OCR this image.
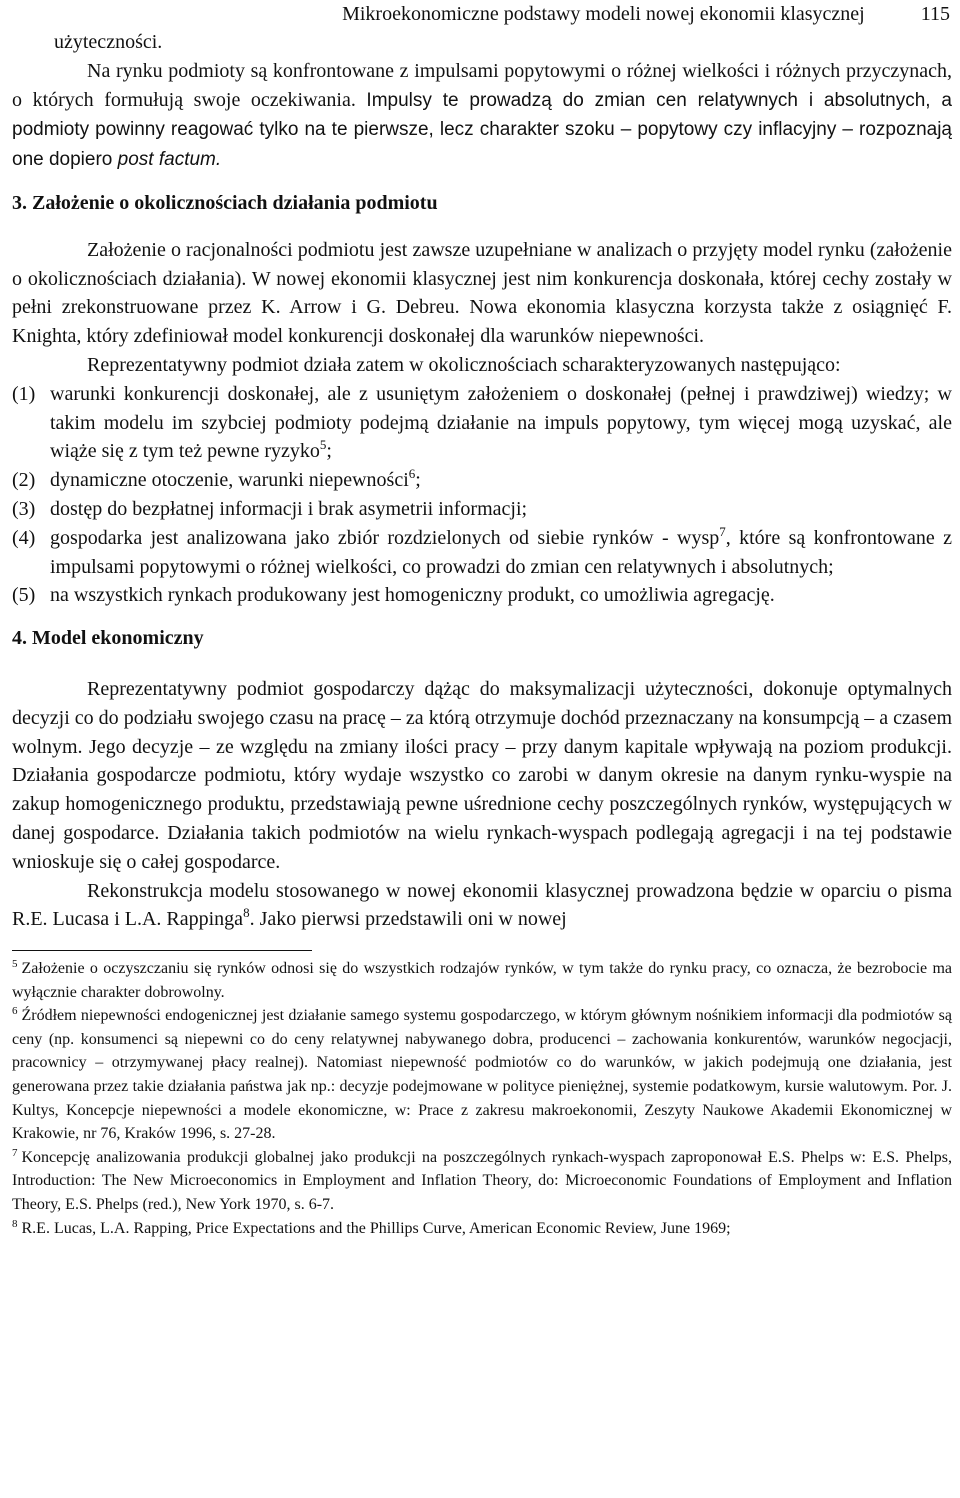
Mikroekonomiczne podstawy modeli nowej ekonomii klasycznej	115

użyteczności.

Na rynku podmioty są konfrontowane z impulsami popytowymi o różnej wielkości i różnych przyczynach, o których formułują swoje oczekiwania. Impulsy te prowadzą do zmian cen relatywnych i absolutnych, a podmioty powinny reagować tylko na te pierwsze, lecz charakter szoku – popytowy czy inflacyjny – rozpoznają one dopiero post factum.

3. Założenie o okolicznościach działania podmiotu

Założenie o racjonalności podmiotu jest zawsze uzupełniane w analizach o przyjęty model rynku (założenie o okolicznościach działania). W nowej ekonomii klasycznej jest nim konkurencja doskonała, której cechy zostały w pełni zrekonstruowane przez K. Arrow i G. Debreu. Nowa ekonomia klasyczna korzysta także z osiągnięć F. Knighta, który zdefiniował model konkurencji doskonałej dla warunków niepewności.

Reprezentatywny podmiot działa zatem w okolicznościach scharakteryzowanych następująco:

(1) warunki konkurencji doskonałej, ale z usuniętym założeniem o doskonałej (pełnej i prawdziwej) wiedzy; w takim modelu im szybciej podmioty podejmą działanie na impuls popytowy, tym więcej mogą uzyskać, ale wiąże się z tym też pewne ryzyko$^5$;
(2) dynamiczne otoczenie, warunki niepewności$^6$;
(3) dostęp do bezpłatnej informacji i brak asymetrii informacji;
(4) gospodarka jest analizowana jako zbiór rozdzielonych od siebie rynków - wysp$^7$, które są konfrontowane z impulsami popytowymi o różnej wielkości, co prowadzi do zmian cen relatywnych i absolutnych;
(5) na wszystkich rynkach produkowany jest homogeniczny produkt, co umożliwia agregację.

4. Model ekonomiczny

Reprezentatywny podmiot gospodarczy dążąc do maksymalizacji użyteczności, dokonuje optymalnych decyzji co do podziału swojego czasu na pracę – za którą otrzymuje dochód przeznaczany na konsumpcją – a czasem wolnym. Jego decyzje – ze względu na zmiany ilości pracy – przy danym kapitale wpływają na poziom produkcji. Działania gospodarcze podmiotu, który wydaje wszystko co zarobi w danym okresie na danym rynku-wyspie na zakup homogenicznego produktu, przedstawiają pewne uśrednione cechy poszczególnych rynków, występujących w danej gospodarce. Działania takich podmiotów na wielu rynkach-wyspach podlegają agregacji i na tej podstawie wnioskuje się o całej gospodarce.

Rekonstrukcja modelu stosowanego w nowej ekonomii klasycznej prowadzona będzie w oparciu o pisma R.E. Lucasa i L.A. Rappinga$^8$. Jako pierwsi przedstawili oni w nowej

$^5$ Założenie o oczyszczaniu się rynków odnosi się do wszystkich rodzajów rynków, w tym także do rynku pracy, co oznacza, że bezrobocie ma wyłącznie charakter dobrowolny.

$^6$ Źródłem niepewności endogenicznej jest działanie samego systemu gospodarczego, w którym głównym nośnikiem informacji dla podmiotów są ceny (np. konsumenci są niepewni co do ceny relatywnej nabywanego dobra, producenci – zachowania konkurentów, warunków negocjacji, pracownicy – otrzymywanej płacy realnej). Natomiast niepewność podmiotów co do warunków, w jakich podejmują one działania, jest generowana przez takie działania państwa jak np.: decyzje podejmowane w polityce pieniężnej, systemie podatkowym, kursie walutowym. Por. J. Kultys, Koncepcje niepewności a modele ekonomiczne, w: Prace z zakresu makroekonomii, Zeszyty Naukowe Akademii Ekonomicznej w Krakowie, nr 76, Kraków 1996, s. 27-28.

$^7$ Koncepcję analizowania produkcji globalnej jako produkcji na poszczególnych rynkach-wyspach zaproponował E.S. Phelps w: E.S. Phelps, Introduction: The New Microeconomics in Employment and Inflation Theory, do: Microeconomic Foundations of Employment and Inflation Theory, E.S. Phelps (red.), New York 1970, s. 6-7.

$^8$ R.E. Lucas, L.A. Rapping, Price Expectations and the Phillips Curve, American Economic Review, June 1969;
